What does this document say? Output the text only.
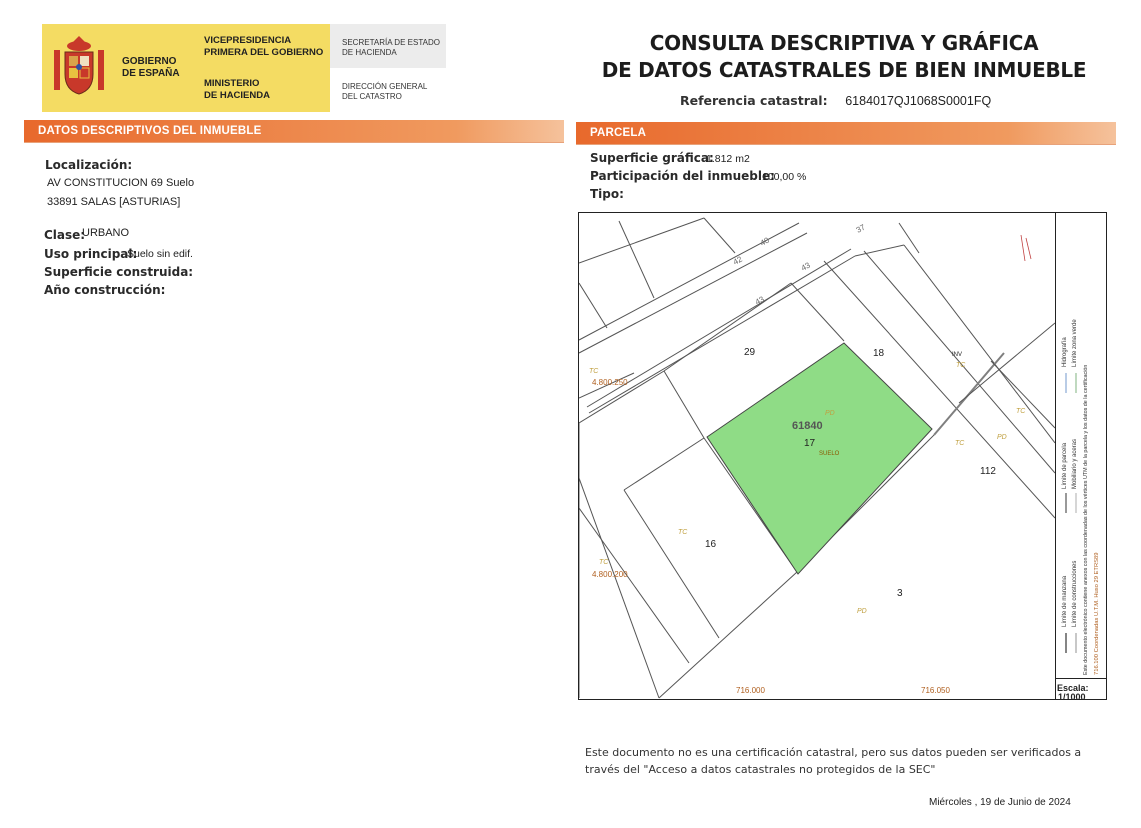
GOBIERNO
DE ESPAÑA
VICEPRESIDENCIA
PRIMERA DEL GOBIERNO
MINISTERIO
DE HACIENDA
SECRETARÍA DE ESTADO
DE HACIENDA
DIRECCIÓN GENERAL
DEL CATASTRO
CONSULTA DESCRIPTIVA Y GRÁFICA
DE DATOS CATASTRALES DE BIEN INMUEBLE
Referencia catastral: 6184017QJ1068S0001FQ
DATOS DESCRIPTIVOS DEL INMUEBLE	PARCELA
Localización:
AV CONSTITUCION 69 Suelo
33891 SALAS [ASTURIAS]
Clase:
URBANO
Uso principal:
Suelo sin edif.
Superficie construida:
Año construcción:
Superficie gráfica:
1.812 m2
Participación del inmueble:
100,00 %
Tipo:
29	18
17
16
112
3
61840
SUELO
INV
42
40
37
43
43
PD
PD
PD
TC
TC
TC
TC
TC
TC
4.800.250
4.800.200
716.000	716.050
Límite de manzana Límite de construcciones
Límite de parcela Mobiliario y aceras
Hidrografía Límite zona verde
Este documento electrónico contiene anexos con las coordenadas de los vértices UTM de la parcela y los datos de la certificación 716.100 Coordenadas U.T.M. Huso 29 ETRS89
Escala:
1/1000
Este documento no es una certificación catastral, pero sus datos pueden ser verificados a
través del "Acceso a datos catastrales no protegidos de la SEC"
Miércoles , 19 de Junio de 2024
